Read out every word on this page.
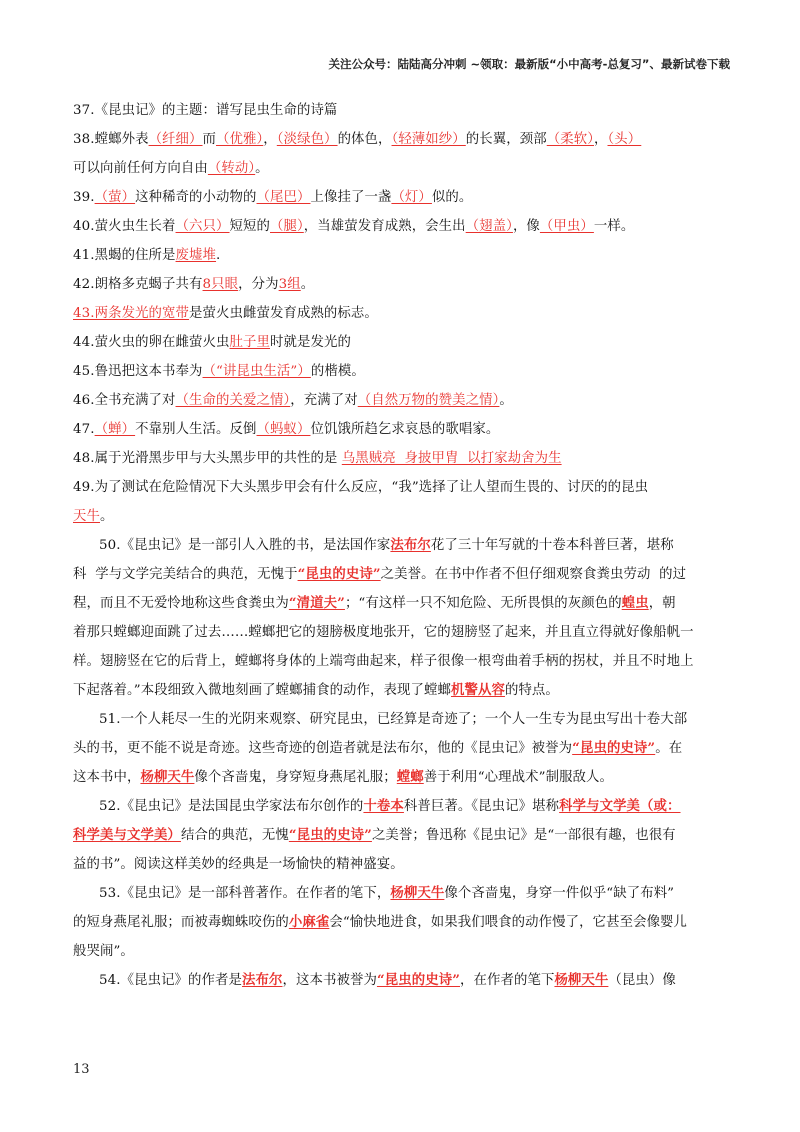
关注公众号：陆陆高分冲刺 ~领取：最新版“小中高考-总复习”、最新试卷下载
37.《昆虫记》的主题：谱写昆虫生命的诗篇
38.螳螂外表（纤细）而（优雅），（淡绿色）的体色，（轻薄如纱）的长翼，颈部（柔软），（头）
可以向前任何方向自由（转动）。
39.（萤）这种稀奇的小动物的（尾巴）上像挂了一盏（灯）似的。
40.萤火虫生长着（六只）短短的（腿），当雄萤发育成熟，会生出（翅盖），像（甲虫）一样。
41.黑蝎的住所是废墟堆.
42.朗格多克蝎子共有8只眼，分为3组。
43.两条发光的宽带是萤火虫雌萤发育成熟的标志。
44.萤火虫的卵在雌萤火虫肚子里时就是发光的
45.鲁迅把这本书奉为（“讲昆虫生活”）的楷模。
46.全书充满了对（生命的关爱之情），充满了对（自然万物的赞美之情）。
47.（蝉）不靠别人生活。反倒（蚂蚁）位饥饿所趋乞求哀恳的歌唱家。
48.属于光滑黑步甲与大头黑步甲的共性的是 乌黑贼亮  身披甲胄  以打家劫舍为生
49.为了测试在危险情况下大头黑步甲会有什么反应，“我”选择了让人望而生畏的、讨厌的的昆虫
天牛。
50.《昆虫记》是一部引人入胜的书，是法国作家法布尔花了三十年写就的十卷本科普巨著，堪称
科  学与文学完美结合的典范，无愧于“昆虫的史诗”之美誉。在书中作者不但仔细观察食粪虫劳动  的过
程，而且不无爱怜地称这些食粪虫为“清道夫”；“有这样一只不知危险、无所畏惧的灰颜色的蝗虫，朝
着那只螳螂迎面跳了过去……螳螂把它的翅膀极度地张开，它的翅膀竖了起来，并且直立得就好像船帆一
样。翅膀竖在它的后背上，螳螂将身体的上端弯曲起来，样子很像一根弯曲着手柄的拐杖，并且不时地上
下起落着。”本段细致入微地刻画了螳螂捕食的动作，表现了螳螂机警从容的特点。
51.一个人耗尽一生的光阴来观察、研究昆虫，已经算是奇迹了；一个人一生专为昆虫写出十卷大部
头的书，更不能不说是奇迹。这些奇迹的创造者就是法布尔，他的《昆虫记》被誉为“昆虫的史诗”。在
这本书中，杨柳天牛像个吝啬鬼，身穿短身燕尾礼服；螳螂善于利用“心理战术”制服敌人。
52.《昆虫记》是法国昆虫学家法布尔创作的十卷本科普巨著。《昆虫记》堪称科学与文学美（或：
科学美与文学美）结合的典范，无愧“昆虫的史诗”之美誉；鲁迅称《昆虫记》是“一部很有趣，也很有
益的书”。阅读这样美妙的经典是一场愉快的精神盛宴。
53.《昆虫记》是一部科普著作。在作者的笔下，杨柳天牛像个吝啬鬼，身穿一件似乎“缺了布料”
的短身燕尾礼服；而被毒蜘蛛咬伤的小麻雀会“愉快地进食，如果我们喂食的动作慢了，它甚至会像婴儿
般哭闹”。
54.《昆虫记》的作者是法布尔，这本书被誉为“昆虫的史诗”，在作者的笔下杨柳天牛（昆虫）像
13
